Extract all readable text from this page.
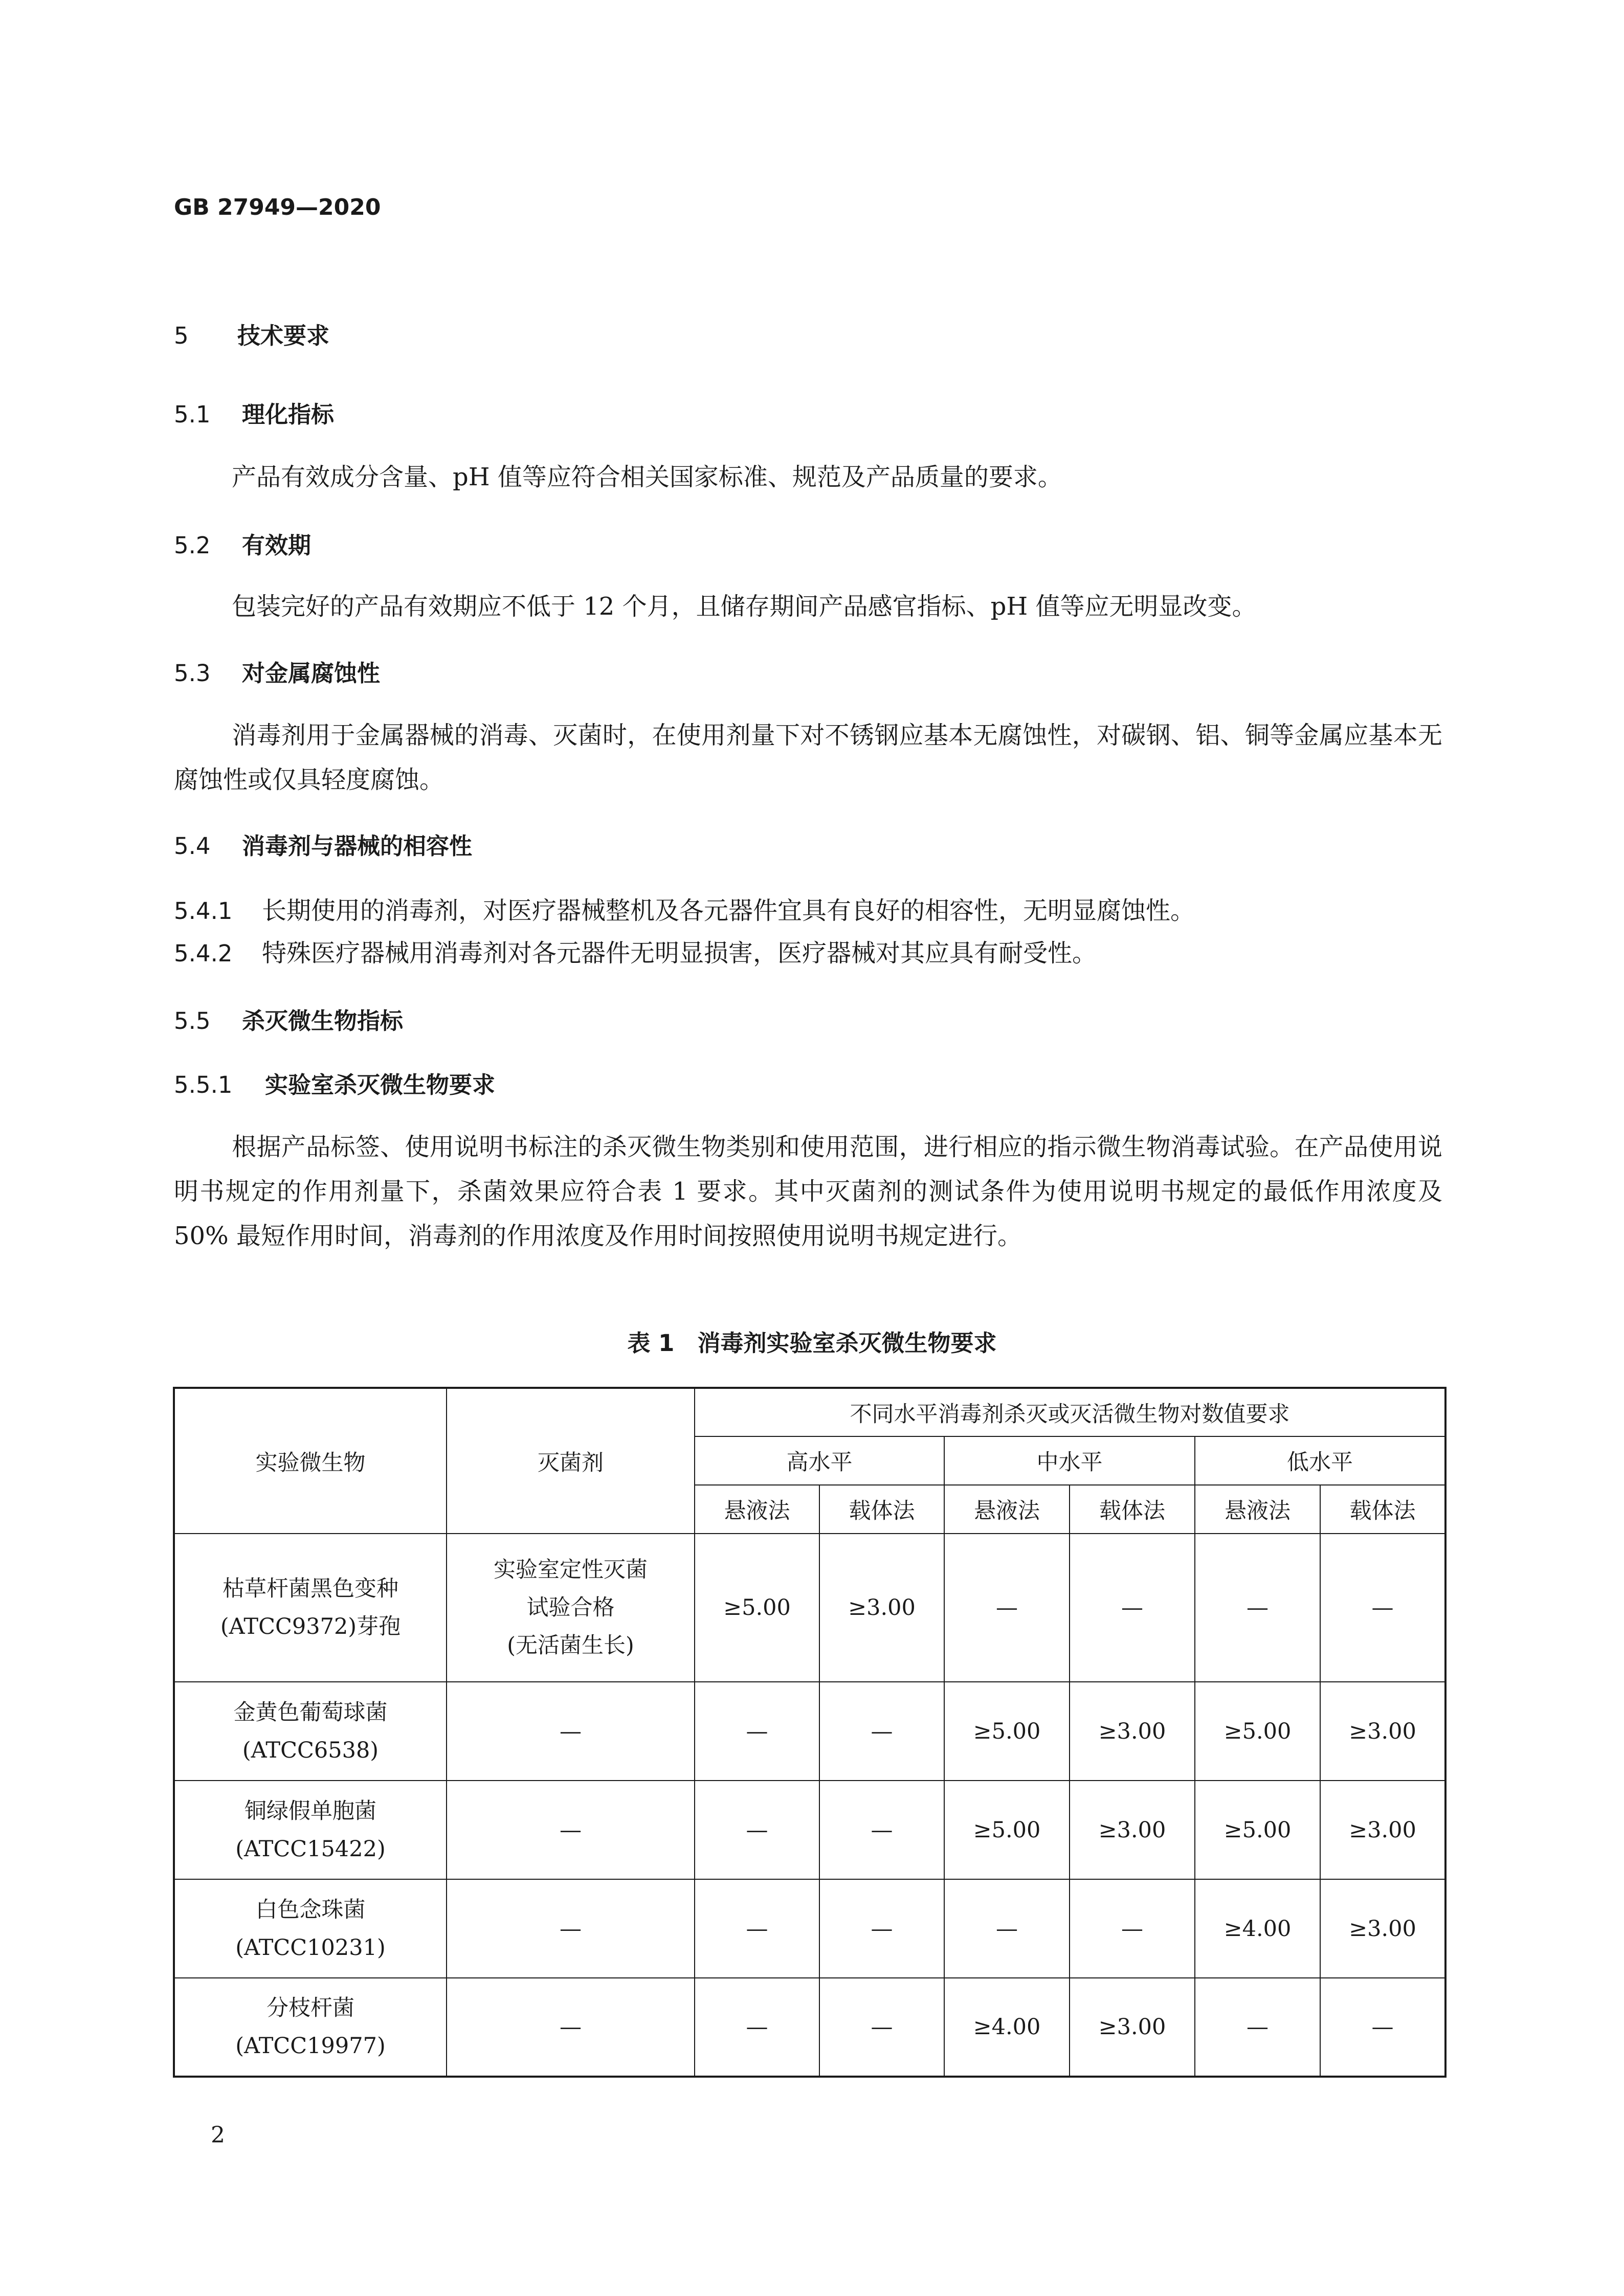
GB 27949—2020
5 技术要求
5.1 理化指标
产品有效成分含量、pH 值等应符合相关国家标准、规范及产品质量的要求。
5.2 有效期
包装完好的产品有效期应不低于 12 个月，且储存期间产品感官指标、pH 值等应无明显改变。
5.3 对金属腐蚀性
消毒剂用于金属器械的消毒、灭菌时，在使用剂量下对不锈钢应基本无腐蚀性，对碳钢、铝、铜等金属应基本无腐蚀性或仅具轻度腐蚀。
5.4 消毒剂与器械的相容性
5.4.1 长期使用的消毒剂，对医疗器械整机及各元器件宜具有良好的相容性，无明显腐蚀性。
5.4.2 特殊医疗器械用消毒剂对各元器件无明显损害，医疗器械对其应具有耐受性。
5.5 杀灭微生物指标
5.5.1 实验室杀灭微生物要求
根据产品标签、使用说明书标注的杀灭微生物类别和使用范围，进行相应的指示微生物消毒试验。在产品使用说明书规定的作用剂量下，杀菌效果应符合表 1 要求。其中灭菌剂的测试条件为使用说明书规定的最低作用浓度及 50% 最短作用时间，消毒剂的作用浓度及作用时间按照使用说明书规定进行。
表 1　消毒剂实验室杀灭微生物要求
实验微生物	灭菌剂	不同水平消毒剂杀灭或灭活微生物对数值要求					
		高水平		中水平		低水平	
		悬液法	载体法	悬液法	载体法	悬液法	载体法
枯草杆菌黑色变种
(ATCC9372)芽孢	实验室定性灭菌
试验合格
(无活菌生长)	≥5.00	≥3.00	—	—	—	—
金黄色葡萄球菌
(ATCC6538)	—	—	—	≥5.00	≥3.00	≥5.00	≥3.00
铜绿假单胞菌
(ATCC15422)	—	—	—	≥5.00	≥3.00	≥5.00	≥3.00
白色念珠菌
(ATCC10231)	—	—	—	—	—	≥4.00	≥3.00
分枝杆菌
(ATCC19977)	—	—	—	≥4.00	≥3.00	—	—
2
